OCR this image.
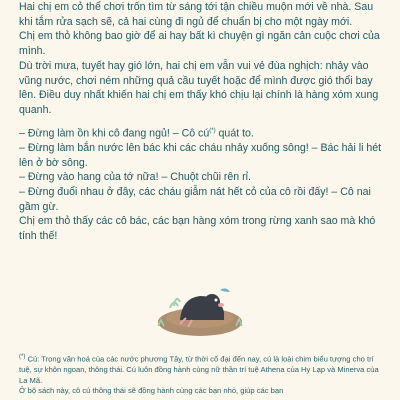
Hai chị em cỏ thể chơi trốn tìm từ sáng tới tận chiều muộn mới về nhà. Sau khi tắm rửa sạch sẽ, cả hai cùng đi ngủ để chuẩn bị cho một ngày mới.

Chị em thỏ không bao giờ để ai hay bất kì chuyện gì ngăn cản cuộc chơi của mình.

Dù trời mưa, tuyết hay gió lớn, hai chị em vẫn vui vẻ đùa nghịch: nhảy vào vũng nước, chơi ném những quả cầu tuyết hoặc để mình được gió thổi bay lên. Điều duy nhất khiến hai chị em thấy khó chịu lại chính là hàng xóm xung quanh.

– Đừng làm ồn khi cô đang ngủ! – Cô cú(*) quát to.

– Đừng làm bắn nước lên bác khi các cháu nhảy xuống sông! – Bác hải li hét lên ở bờ sông.

– Đừng vào hang của tớ nữa! – Chuột chũi rên rỉ.

– Đừng đuổi nhau ở đây, các cháu giẫm nát hết cỏ của cô rồi đấy! – Cô nai gầm gừ.

Chị em thỏ thấy các cô bác, các bạn hàng xóm trong rừng xanh sao mà khó tính thế!

(*) Cú: Trong văn hoá của các nước phương Tây, từ thời cổ đại đến nay, cú là loài chim biểu tượng cho trí tuệ, sự khôn ngoan, thông thái. Cú luôn đồng hành cùng nữ thần trí tuệ Athena của Hy Lạp và Minerva của La Mã.

Ở bộ sách này, cô cú thông thái sẽ đồng hành cùng các bạn nhỏ, giúp các bạn
